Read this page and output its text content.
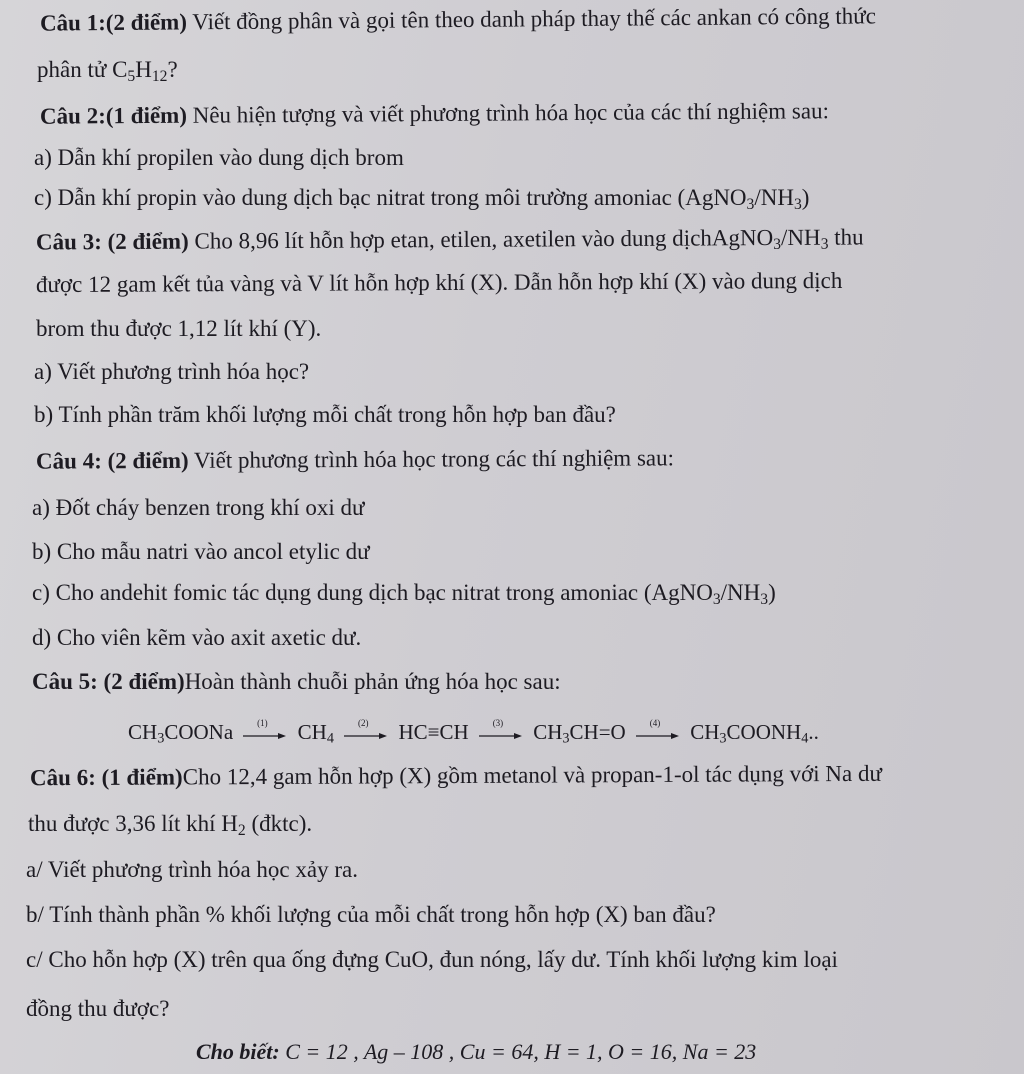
Câu 1:(2 điểm) Viết đồng phân và gọi tên theo danh pháp thay thế các ankan có công thức
phân tử $C_5H_{12}$?
Câu 2:(1 điểm) Nêu hiện tượng và viết phương trình hóa học của các thí nghiệm sau:
a) Dẫn khí propilen vào dung dịch brom
c) Dẫn khí propin vào dung dịch bạc nitrat trong môi trường amoniac $(AgNO_3/NH_3)$
Câu 3: (2 điểm) Cho 8,96 lít hỗn hợp etan, etilen, axetilen vào dung $dịchAgNO_3/NH_3$ thu
được 12 gam kết tủa vàng và V lít hỗn hợp khí (X). Dẫn hỗn hợp khí (X) vào dung dịch
brom thu được 1,12 lít khí (Y).
a) Viết phương trình hóa học?
b) Tính phần trăm khối lượng mỗi chất trong hỗn hợp ban đầu?
Câu 4: (2 điểm) Viết phương trình hóa học trong các thí nghiệm sau:
a) Đốt cháy benzen trong khí oxi dư
b) Cho mẫu natri vào ancol etylic dư
c) Cho andehit fomic tác dụng dung dịch bạc nitrat trong amoniac $(AgNO_3/NH_3)$
d) Cho viên kẽm vào axit axetic dư.
Câu 5: (2 điểm)Hoàn thành chuỗi phản ứng hóa học sau:
$CH_3COONa$	(1)	$CH_4$
(2)	HC≡CH	(3)	$CH_3CH=O$	(4)	$CH_3COONH_4$..
Câu 6: (1 điểm)Cho 12,4 gam hỗn hợp (X) gồm metanol và propan-1-ol tác dụng với Na dư
thu được 3,36 lít khí $H_2$ (đktc).
a/ Viết phương trình hóa học xảy ra.
b/ Tính thành phần % khối lượng của mỗi chất trong hỗn hợp (X) ban đầu?
c/ Cho hỗn hợp (X) trên qua ống đựng CuO, đun nóng, lấy dư. Tính khối lượng kim loại
đồng thu được?
Cho biết: C = 12 , Ag – 108 , Cu = 64, H = 1, O = 16, Na = 23
